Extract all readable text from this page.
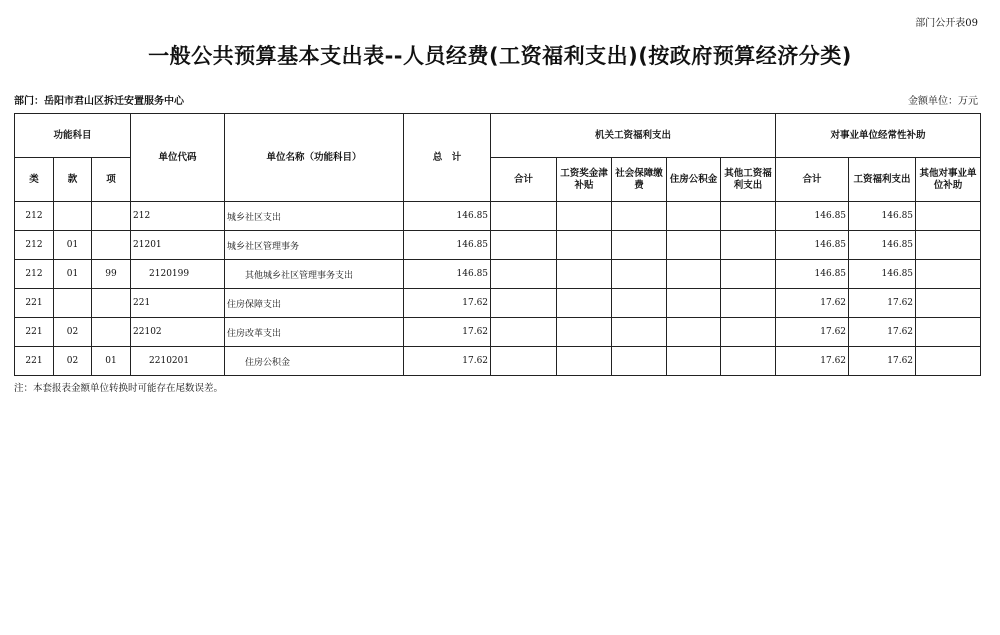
部门公开表09
一般公共预算基本支出表--人员经费(工资福利支出)(按政府预算经济分类)
部门：岳阳市君山区拆迁安置服务中心	金额单位：万元
功能科目			单位代码	单位名称（功能科目）	总　计	机关工资福利支出					对事业单位经常性补助		
类	款	项				合计	工资奖金津补贴	社会保障缴费	住房公积金	其他工资福利支出	合计	工资福利支出	其他对事业单位补助
212			212	城乡社区支出	146.85						146.85	146.85	
212	01		21201	城乡社区管理事务	146.85						146.85	146.85	
212	01	99	2120199	其他城乡社区管理事务支出	146.85						146.85	146.85	
221			221	住房保障支出	17.62						17.62	17.62	
221	02		22102	住房改革支出	17.62						17.62	17.62	
221	02	01	2210201	住房公积金	17.62						17.62	17.62	
注：本套报表金额单位转换时可能存在尾数误差。
